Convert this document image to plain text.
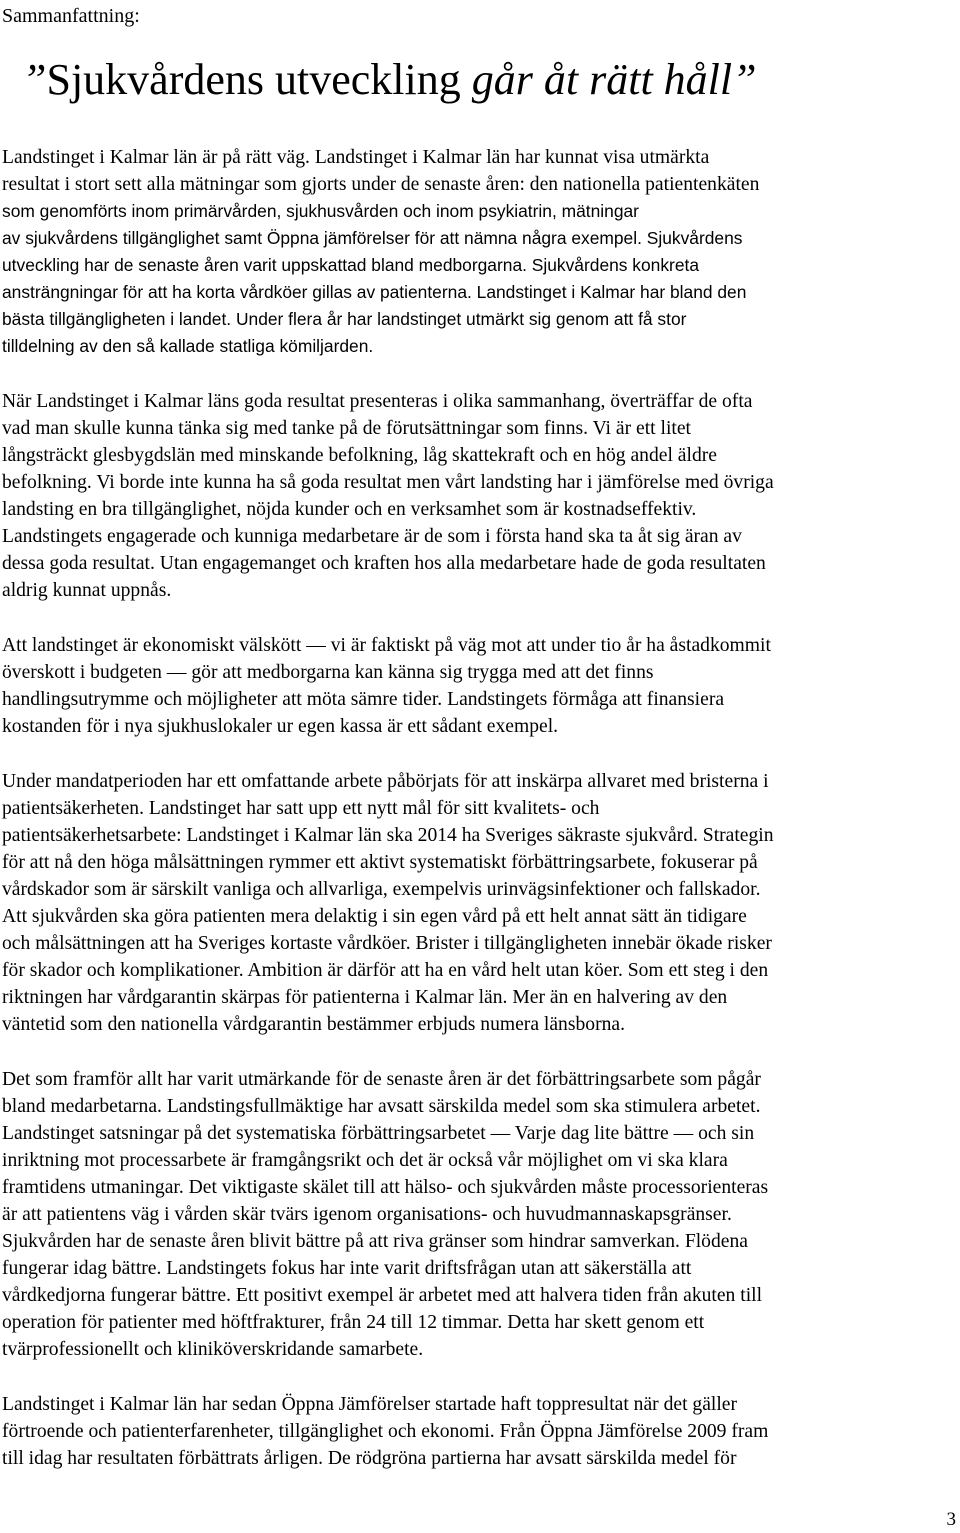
Sammanfattning:
”Sjukvårdens utveckling går åt rätt håll”
Landstinget i Kalmar län är på rätt väg. Landstinget i Kalmar län har kunnat visa utmärkta
resultat i stort sett alla mätningar som gjorts under de senaste åren: den nationella patientenkäten
som genomförts inom primärvården, sjukhusvården och inom psykiatrin, mätningar
av sjukvårdens tillgänglighet samt Öppna jämförelser för att nämna några exempel. Sjukvårdens
utveckling har de senaste åren varit uppskattad bland medborgarna. Sjukvårdens konkreta
ansträngningar för att ha korta vårdköer gillas av patienterna. Landstinget i Kalmar har bland den
bästa tillgängligheten i landet. Under flera år har landstinget utmärkt sig genom att få stor
tilldelning av den så kallade statliga kömiljarden.
När Landstinget i Kalmar läns goda resultat presenteras i olika sammanhang, överträffar de ofta
vad man skulle kunna tänka sig med tanke på de förutsättningar som finns. Vi är ett litet
långsträckt glesbygdslän med minskande befolkning, låg skattekraft och en hög andel äldre
befolkning. Vi borde inte kunna ha så goda resultat men vårt landsting har i jämförelse med övriga
landsting en bra tillgänglighet, nöjda kunder och en verksamhet som är kostnadseffektiv.
Landstingets engagerade och kunniga medarbetare är de som i första hand ska ta åt sig äran av
dessa goda resultat. Utan engagemanget och kraften hos alla medarbetare hade de goda resultaten
aldrig kunnat uppnås.
Att landstinget är ekonomiskt välskött — vi är faktiskt på väg mot att under tio år ha åstadkommit
överskott i budgeten — gör att medborgarna kan känna sig trygga med att det finns
handlingsutrymme och möjligheter att möta sämre tider. Landstingets förmåga att finansiera
kostanden för i nya sjukhuslokaler ur egen kassa är ett sådant exempel.
Under mandatperioden har ett omfattande arbete påbörjats för att inskärpa allvaret med bristerna i
patientsäkerheten. Landstinget har satt upp ett nytt mål för sitt kvalitets- och
patientsäkerhetsarbete: Landstinget i Kalmar län ska 2014 ha Sveriges säkraste sjukvård. Strategin
för att nå den höga målsättningen rymmer ett aktivt systematiskt förbättringsarbete, fokuserar på
vårdskador som är särskilt vanliga och allvarliga, exempelvis urinvägsinfektioner och fallskador.
Att sjukvården ska göra patienten mera delaktig i sin egen vård på ett helt annat sätt än tidigare
och målsättningen att ha Sveriges kortaste vårdköer. Brister i tillgängligheten innebär ökade risker
för skador och komplikationer. Ambition är därför att ha en vård helt utan köer. Som ett steg i den
riktningen har vårdgarantin skärpas för patienterna i Kalmar län. Mer än en halvering av den
väntetid som den nationella vårdgarantin bestämmer erbjuds numera länsborna.
Det som framför allt har varit utmärkande för de senaste åren är det förbättringsarbete som pågår
bland medarbetarna. Landstingsfullmäktige har avsatt särskilda medel som ska stimulera arbetet.
Landstinget satsningar på det systematiska förbättringsarbetet — Varje dag lite bättre — och sin
inriktning mot processarbete är framgångsrikt och det är också vår möjlighet om vi ska klara
framtidens utmaningar. Det viktigaste skälet till att hälso- och sjukvården måste processorienteras
är att patientens väg i vården skär tvärs igenom organisations- och huvudmannaskapsgränser.
Sjukvården har de senaste åren blivit bättre på att riva gränser som hindrar samverkan. Flödena
fungerar idag bättre. Landstingets fokus har inte varit driftsfrågan utan att säkerställa att
vårdkedjorna fungerar bättre. Ett positivt exempel är arbetet med att halvera tiden från akuten till
operation för patienter med höftfrakturer, från 24 till 12 timmar. Detta har skett genom ett
tvärprofessionellt och kliniköverskridande samarbete.
Landstinget i Kalmar län har sedan Öppna Jämförelser startade haft toppresultat när det gäller
förtroende och patienterfarenheter, tillgänglighet och ekonomi. Från Öppna Jämförelse 2009 fram
till idag har resultaten förbättrats årligen. De rödgröna partierna har avsatt särskilda medel för
3
